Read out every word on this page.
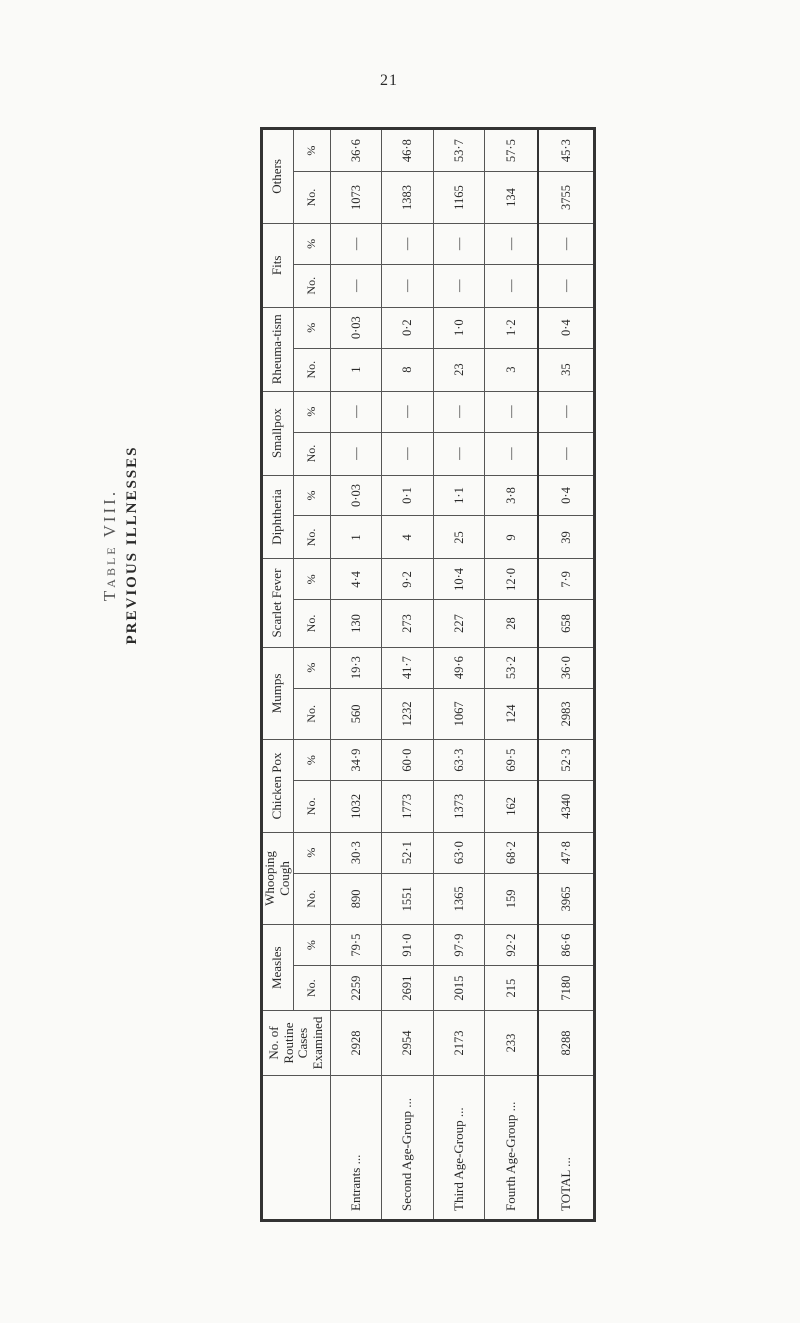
21
Table VIII. PREVIOUS ILLNESSES
	No. of Routine Cases Examined	Measles		Whooping Cough		Chicken Pox		Mumps		Scarlet Fever		Diphtheria		Smallpox		Rheuma-tism		Fits		Others	
		No.	%	No.	%	No.	%	No.	%	No.	%	No.	%	No.	%	No.	%	No.	%	No.	%
Entrants ...	2928	2259	79·5	890	30·3	1032	34·9	560	19·3	130	4·4	1	0·03	—	—	1	0·03	—	—	1073	36·6
Second Age-Group ...	2954	2691	91·0	1551	52·1	1773	60·0	1232	41·7	273	9·2	4	0·1	—	—	8	0·2	—	—	1383	46·8
Third Age-Group ...	2173	2015	97·9	1365	63·0	1373	63·3	1067	49·6	227	10·4	25	1·1	—	—	23	1·0	—	—	1165	53·7
Fourth Age-Group ...	233	215	92·2	159	68·2	162	69·5	124	53·2	28	12·0	9	3·8	—	—	3	1·2	—	—	134	57·5
TOTAL ...	8288	7180	86·6	3965	47·8	4340	52·3	2983	36·0	658	7·9	39	0·4	—	—	35	0·4	—	—	3755	45·3
